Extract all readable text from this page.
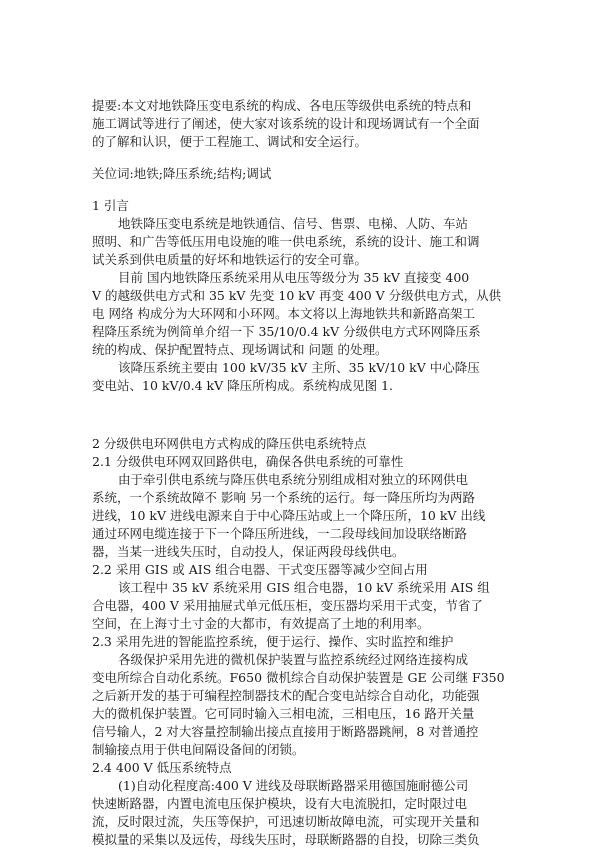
提要:本文对地铁降压变电系统的构成、各电压等级供电系统的特点和
施工调试等进行了阐述，使大家对该系统的设计和现场调试有一个全面
的了解和认识，便于工程施工、调试和安全运行。
关位词:地铁;降压系统;结构;调试
1 引言
地铁降压变电系统是地铁通信、信号、售票、电梯、人防、车站
照明、和广告等低压用电设施的唯一供电系统，系统的设计、施工和调
试关系到供电质量的好坏和地铁运行的安全可靠。
目前 国内地铁降压系统采用从电压等级分为 35 kV 直接变 400
V 的越级供电方式和 35 kV 先变 10 kV 再变 400 V 分级供电方式，从供
电 网络 构成分为大环网和小环网。本文将以上海地铁共和新路高架工
程降压系统为例简单介绍一下 35/10/0.4 kV 分级供电方式环网降压系
统的构成、保护配置特点、现场调试和 问题 的处理。
该降压系统主要由 100 kV/35 kV 主所、35 kV/10 kV 中心降压
变电站、10 kV/0.4 kV 降压所构成。系统构成见图 1.
2 分级供电环网供电方式构成的降压供电系统特点
2.1 分级供电环网双回路供电，确保各供电系统的可靠性
由于牵引供电系统与降压供电系统分别组成相对独立的环网供电
系统，一个系统故障不 影响 另一个系统的运行。每一降压所均为两路
进线，10 kV 进线电源来自于中心降压站或上一个降压所，10 kV 出线
通过环网电缆连接于下一个降压所进线，一二段母线间加设联络断路
器，当某一进线失压时，自动投人，保证两段母线供电。
2.2 采用 GIS 或 AIS 组合电器、干式变压器等减少空间占用
该工程中 35 kV 系统采用 GIS 组合电器，10 kV 系统采用 AIS 组
合电器，400 V 采用抽屉式单元低压柜，变压器均采用干式变，节省了
空间，在上海寸土寸金的大都市，有效提高了土地的利用率。
2.3 采用先进的智能监控系统，便于运行、操作、实时监控和维护
各级保护采用先进的微机保护装置与监控系统经过网络连接构成
变电所综合自动化系统。F650 微机综合自动保护装置是 GE 公司继 F350
之后新开发的基于可编程控制器技术的配合变电站综合自动化，功能强
大的微机保护装置。它可同时输入三相电流，三相电压，16 路开关量
信号输人，2 对大容量控制输出接点直接用于断路器跳闸，8 对普通控
制输接点用于供电间隔设备间的闭锁。
2.4 400 V 低压系统特点
(1)自动化程度高:400 V 进线及母联断路器采用德国施耐德公司
快速断路器，内置电流电压保护模块，设有大电流脱扣，定时限过电
流，反时限过流，失压等保护，可迅速切断故障电流，可实现开关量和
模拟量的采集以及远传，母线失压时，母联断路器的自投，切除三类负
